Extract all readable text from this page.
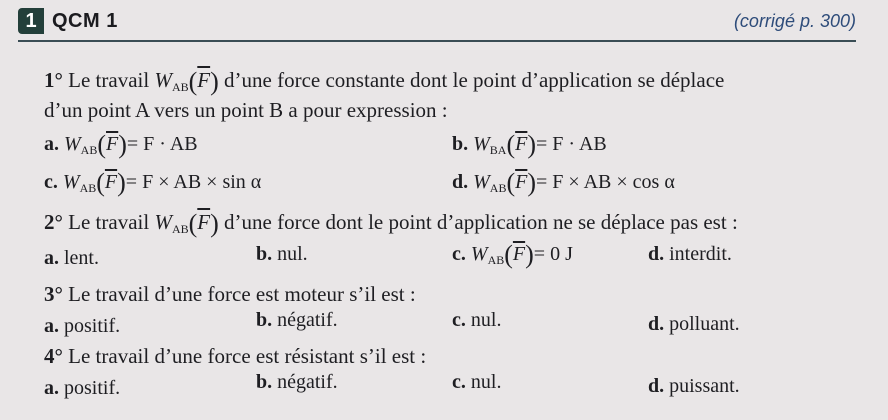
1 QCM 1	(corrigé p. 300)
1° Le travail $W_{AB}(\overline{F})$ d’une force constante dont le point d’application se déplace
d’un point A vers un point B a pour expression :
a. $W_{AB}(\overline{F})= F$ · AB	b. $W_{BA}(\overline{F})= F$ · AB
c. $W_{AB}(\overline{F})= F$ × AB × sin α	d. $W_{AB}(\overline{F})= F$ × AB × cos α
2° Le travail $W_{AB}(\overline{F})$ d’une force dont le point d’application ne se déplace pas est :
a. lent.	b. nul.	c. $W_{AB}(\overline{F})= 0$ J	d. interdit.
3° Le travail d’une force est moteur s’il est :
a. positif.	b. négatif.	c. nul.	d. polluant.
4° Le travail d’une force est résistant s’il est :
a. positif.	b. négatif.	c. nul.	d. puissant.
